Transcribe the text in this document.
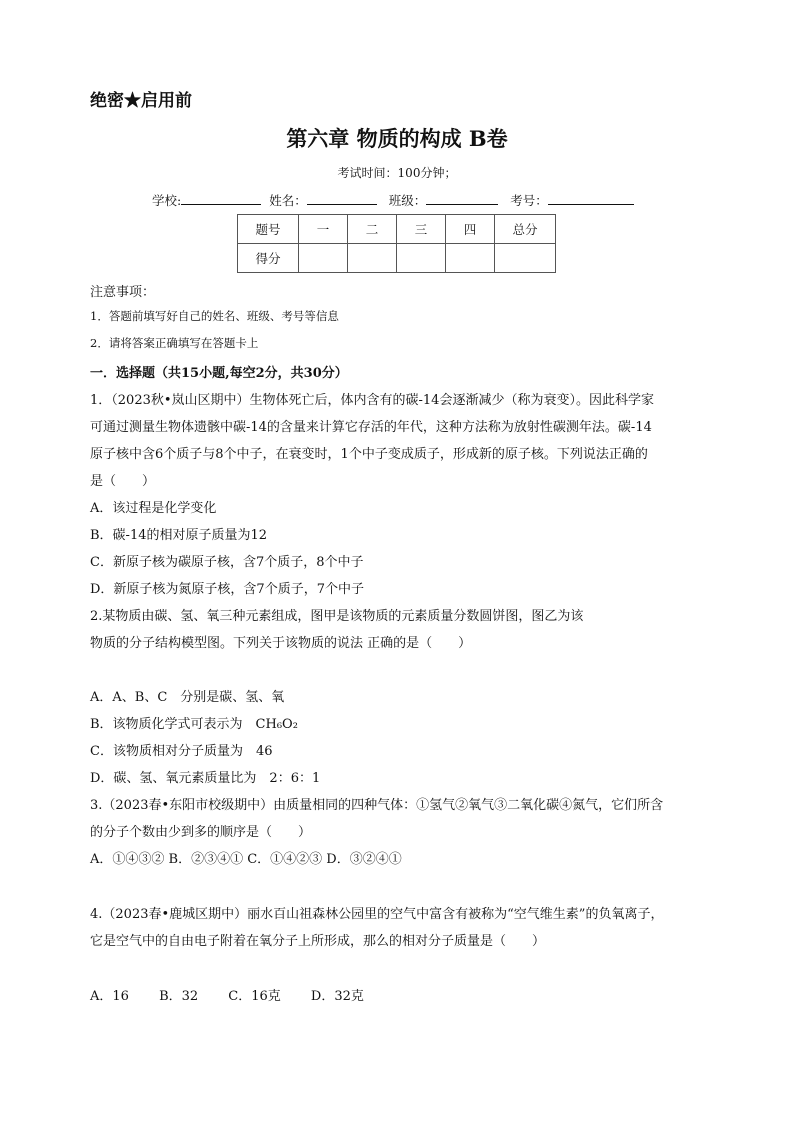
绝密★启用前
第六章 物质的构成 B卷
考试时间：100分钟；
学校:	姓名：	班级：	考号：
题号	一	二	三	四	总分
得分					
注意事项：
1．答题前填写好自己的姓名、班级、考号等信息
2．请将答案正确填写在答题卡上
一．选择题（共15小题,每空2分，共30分）
1．（2023秋•岚山区期中）生物体死亡后，体内含有的碳-14会逐渐减少（称为衰变）。因此科学家
可通过测量生物体遗骸中碳-14的含量来计算它存活的年代，这种方法称为放射性碳测年法。碳-14
原子核中含6个质子与8个中子，在衰变时，1个中子变成质子，形成新的原子核。下列说法正确的
是（　　）
A．该过程是化学变化
B．碳-14的相对原子质量为12
C．新原子核为碳原子核，含7个质子，8个中子
D．新原子核为氮原子核，含7个质子，7个中子
2.某物质由碳、氢、氧三种元素组成，图甲是该物质的元素质量分数圆饼图，图乙为该
物质的分子结构模型图。下列关于该物质的说法 正确的是（　　）
A．A、B、C　分别是碳、氢、氧
B．该物质化学式可表示为　CH₆O₂
C．该物质相对分子质量为　46
D．碳、氢、氧元素质量比为　2：6：1
3.（2023春•东阳市校级期中）由质量相同的四种气体：①氢气②氧气③二氧化碳④氮气，它们所含
的分子个数由少到多的顺序是（　　）
A．①④③② B．②③④① C．①④②③ D．③②④①
4.（2023春•鹿城区期中）丽水百山祖森林公园里的空气中富含有被称为“空气维生素”的负氧离子，
它是空气中的自由电子附着在氧分子上所形成，那么的相对分子质量是（　　）
A．16　　 B．32　　 C．16克　　 D．32克
